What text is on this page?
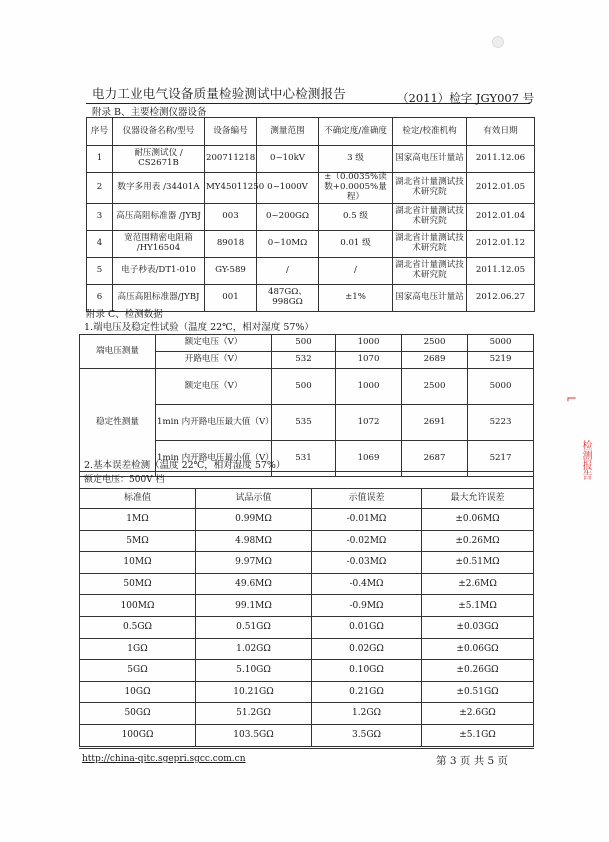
电力工业电气设备质量检验测试中心检测报告	（2011）检字 JGY007 号
附录 B、主要检测仪器设备
序号	仪器设备名称/型号	设备编号	测量范围	不确定度/准确度	检定/校准机构	有效日期
1	耐压测试仪 / CS2671B	200711218	0~10kV	3 级	国家高电压计量站	2011.12.06
2	数字多用表 /34401A	MY45011250	0~1000V	±（0.0035%读数+0.0005%量程）	湖北省计量测试技术研究院	2012.01.05
3	高压高阻标准器 /JYBJ	003	0~200GΩ	0.5 级	湖北省计量测试技术研究院	2012.01.04
4	宽范围精密电阻箱 /HY16504	89018	0~10MΩ	0.01 级	湖北省计量测试技术研究院	2012.01.12
5	电子秒表/DT1-010	GY-589	/	/	湖北省计量测试技术研究院	2011.12.05
6	高压高阻标准器/JYBJ	001	487GΩ、998GΩ	±1%	国家高电压计量站	2012.06.27
附录 C、检测数据
1.端电压及稳定性试验（温度 22℃，相对湿度 57%）
端电压测量	额定电压（V）	500	1000	2500	5000
	开路电压（V）	532	1070	2689	5219
稳定性测量	额定电压（V）	500	1000	2500	5000
	1min 内开路电压最大值（V）	535	1072	2691	5223
	1min 内开路电压最小值（V）	531	1069	2687	5217
2.基本误差检测（温度 22℃，相对湿度 57%）
额定电压：500V 档			
标准值	试品示值	示值误差	最大允许误差
1MΩ	0.99MΩ	-0.01MΩ	±0.06MΩ
5MΩ	4.98MΩ	-0.02MΩ	±0.26MΩ
10MΩ	9.97MΩ	-0.03MΩ	±0.51MΩ
50MΩ	49.6MΩ	-0.4MΩ	±2.6MΩ
100MΩ	99.1MΩ	-0.9MΩ	±5.1MΩ
0.5GΩ	0.51GΩ	0.01GΩ	±0.03GΩ
1GΩ	1.02GΩ	0.02GΩ	±0.06GΩ
5GΩ	5.10GΩ	0.10GΩ	±0.26GΩ
10GΩ	10.21GΩ	0.21GΩ	±0.51GΩ
50GΩ	51.2GΩ	1.2GΩ	±2.6GΩ
100GΩ	103.5GΩ	3.5GΩ	±5.1GΩ
⌐
检测报告
http://china-qitc.sgepri.sgcc.com.cn	第 3 页 共 5 页
